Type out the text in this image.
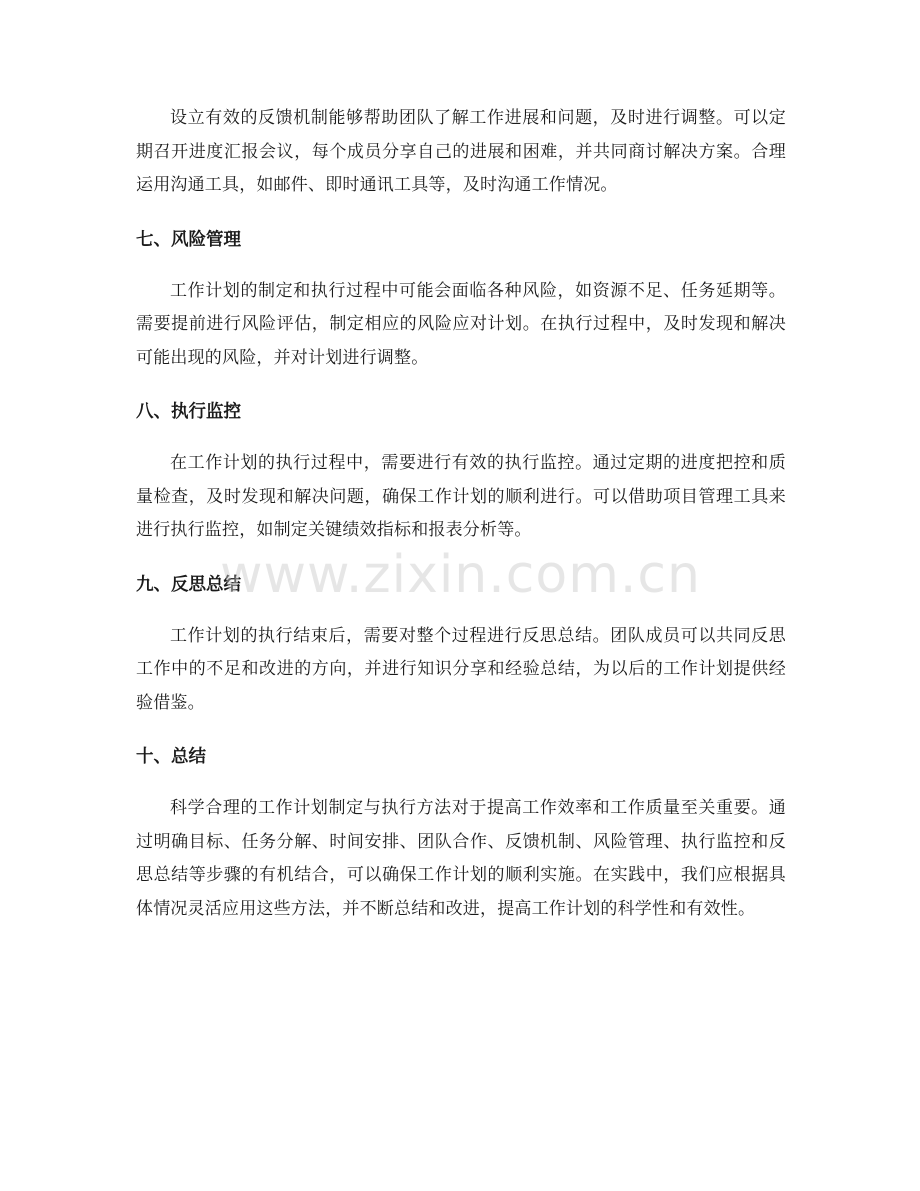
设立有效的反馈机制能够帮助团队了解工作进展和问题，及时进行调整。可以定期召开进度汇报会议，每个成员分享自己的进展和困难，并共同商讨解决方案。合理运用沟通工具，如邮件、即时通讯工具等，及时沟通工作情况。

七、风险管理

工作计划的制定和执行过程中可能会面临各种风险，如资源不足、任务延期等。需要提前进行风险评估，制定相应的风险应对计划。在执行过程中，及时发现和解决可能出现的风险，并对计划进行调整。

八、执行监控

在工作计划的执行过程中，需要进行有效的执行监控。通过定期的进度把控和质量检查，及时发现和解决问题，确保工作计划的顺利进行。可以借助项目管理工具来进行执行监控，如制定关键绩效指标和报表分析等。

九、反思总结

工作计划的执行结束后，需要对整个过程进行反思总结。团队成员可以共同反思工作中的不足和改进的方向，并进行知识分享和经验总结，为以后的工作计划提供经验借鉴。

十、总结

科学合理的工作计划制定与执行方法对于提高工作效率和工作质量至关重要。通过明确目标、任务分解、时间安排、团队合作、反馈机制、风险管理、执行监控和反思总结等步骤的有机结合，可以确保工作计划的顺利实施。在实践中，我们应根据具体情况灵活应用这些方法，并不断总结和改进，提高工作计划的科学性和有效性。

www.zixin.com.cn
